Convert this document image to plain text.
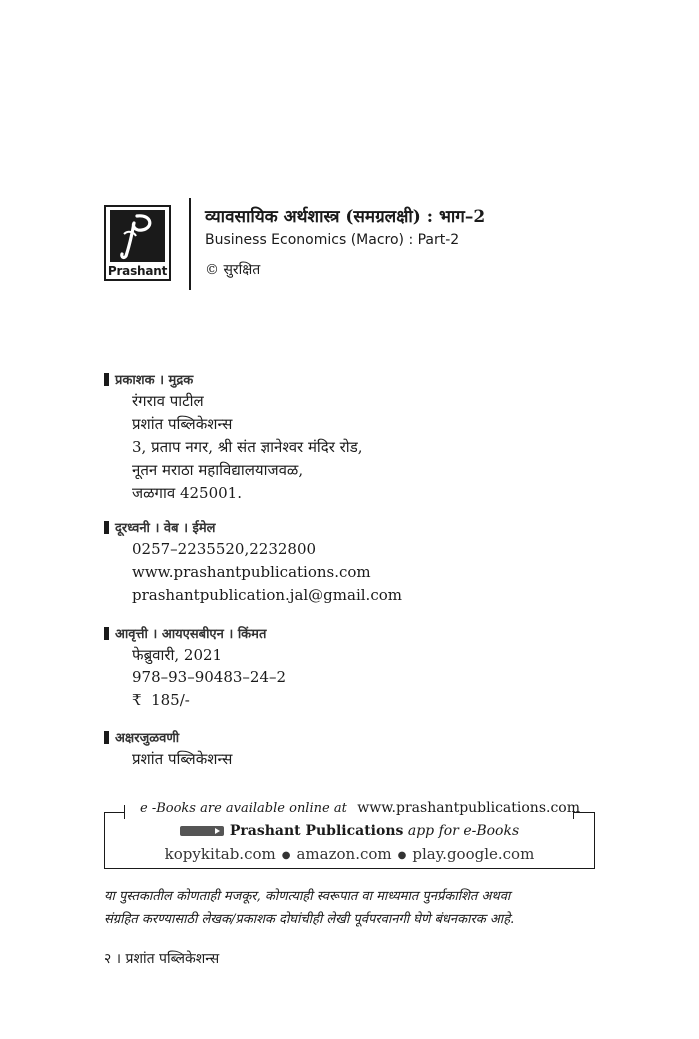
Prashant
व्यावसायिक अर्थशास्त्र (समग्रलक्षी) : भाग–2
Business Economics (Macro) : Part-2
© सुरक्षित
प्रकाशक । मुद्रक
रंगराव पाटील
प्रशांत पब्लिकेशन्स
3, प्रताप नगर, श्री संत ज्ञानेश्वर मंदिर रोड,
नूतन मराठा महाविद्यालयाजवळ,
जळगाव 425001.
दूरध्वनी । वेब । ईमेल
0257–2235520,2232800
www.prashantpublications.com
prashantpublication.jal@gmail.com
आवृत्ती । आयएसबीएन । किंमत
फेब्रुवारी, 2021
978–93–90483–24–2
₹  185/-
अक्षरजुळवणी
प्रशांत पब्लिकेशन्स
e -Books are available online at www.prashantpublications.com
Prashant Publications app for e-Books
kopykitab.com ● amazon.com ● play.google.com
या पुस्तकातील कोणताही मजकूर, कोणत्याही स्वरूपात वा माध्यमात पुनर्प्रकाशित अथवा
संग्रहित करण्यासाठी लेखक/प्रकाशक दोघांचीही लेखी पूर्वपरवानगी घेणे बंधनकारक आहे.
२ । प्रशांत पब्लिकेशन्स
